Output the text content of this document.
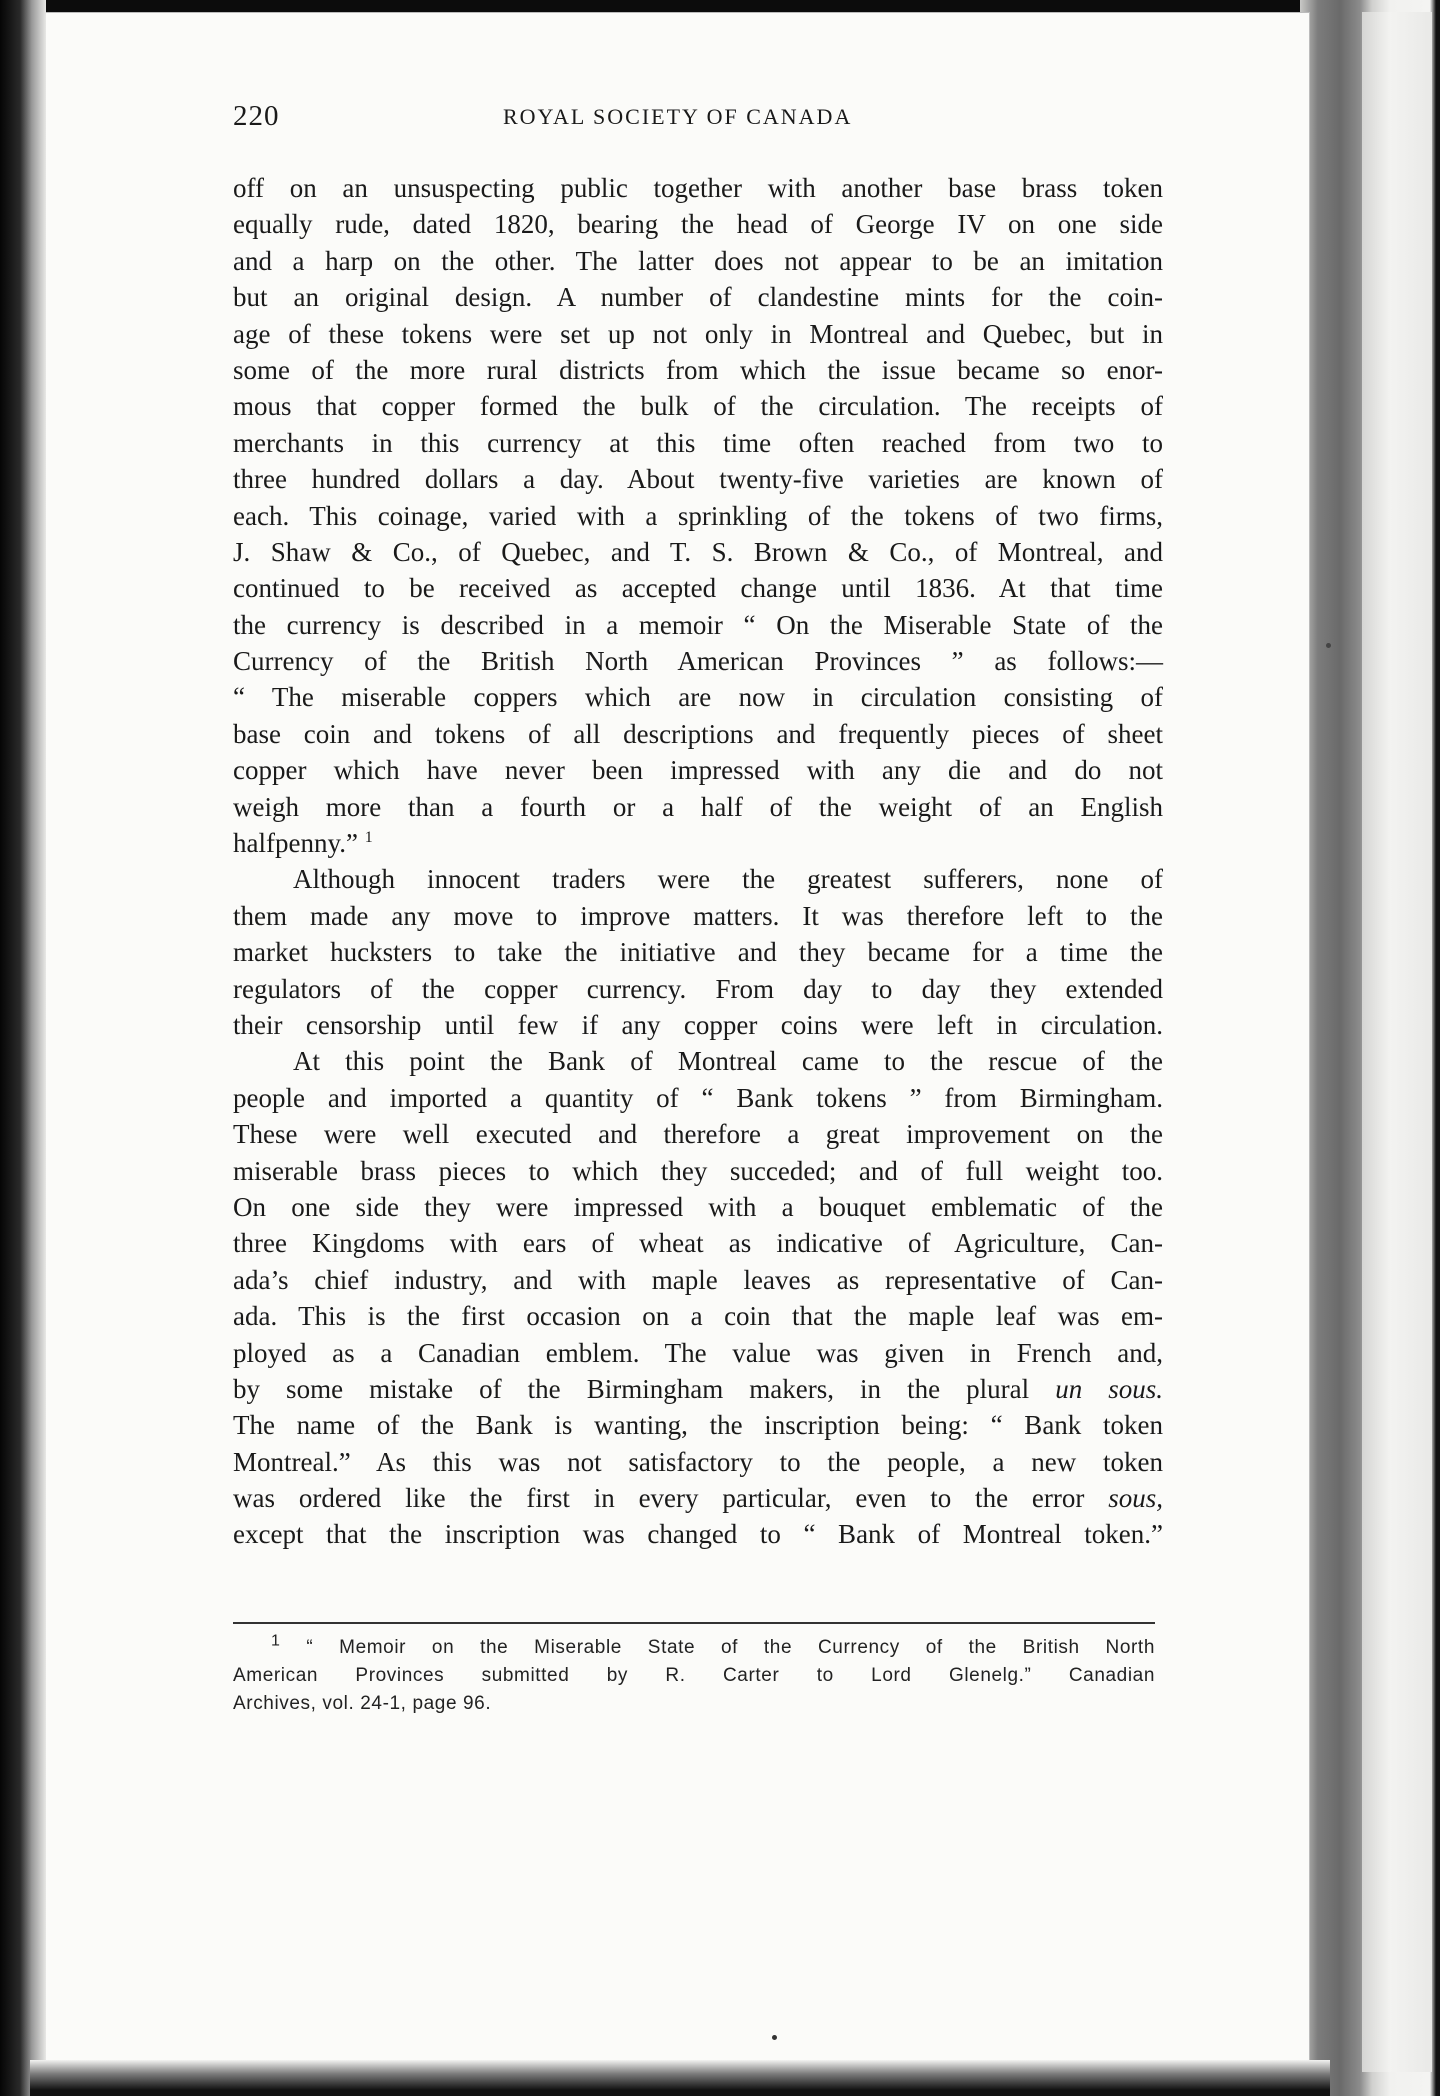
220	ROYAL SOCIETY OF CANADA
off on an unsuspecting public together with another base brass token
equally rude, dated 1820, bearing the head of George IV on one side
and a harp on the other. The latter does not appear to be an imitation
but an original design. A number of clandestine mints for the coin-
age of these tokens were set up not only in Montreal and Quebec, but in
some of the more rural districts from which the issue became so enor-
mous that copper formed the bulk of the circulation. The receipts of
merchants in this currency at this time often reached from two to
three hundred dollars a day. About twenty-five varieties are known of
each. This coinage, varied with a sprinkling of the tokens of two firms,
J. Shaw & Co., of Quebec, and T. S. Brown & Co., of Montreal, and
continued to be received as accepted change until 1836. At that time
the currency is described in a memoir “ On the Miserable State of the
Currency of the British North American Provinces ” as follows:—
“ The miserable coppers which are now in circulation consisting of
base coin and tokens of all descriptions and frequently pieces of sheet
copper which have never been impressed with any die and do not
weigh more than a fourth or a half of the weight of an English
halfpenny.” $^1$
Although innocent traders were the greatest sufferers, none of
them made any move to improve matters. It was therefore left to the
market hucksters to take the initiative and they became for a time the
regulators of the copper currency. From day to day they extended
their censorship until few if any copper coins were left in circulation.
At this point the Bank of Montreal came to the rescue of the
people and imported a quantity of “ Bank tokens ” from Birmingham.
These were well executed and therefore a great improvement on the
miserable brass pieces to which they succeded; and of full weight too.
On one side they were impressed with a bouquet emblematic of the
three Kingdoms with ears of wheat as indicative of Agriculture, Can-
ada’s chief industry, and with maple leaves as representative of Can-
ada. This is the first occasion on a coin that the maple leaf was em-
ployed as a Canadian emblem. The value was given in French and,
by some mistake of the Birmingham makers, in the plural un sous.
The name of the Bank is wanting, the inscription being: “ Bank token
Montreal.” As this was not satisfactory to the people, a new token
was ordered like the first in every particular, even to the error sous,
except that the inscription was changed to “ Bank of Montreal token.”
$^1$ “ Memoir on the Miserable State of the Currency of the British North
American Provinces submitted by R. Carter to Lord Glenelg.” Canadian
Archives, vol. 24-1, page 96.
